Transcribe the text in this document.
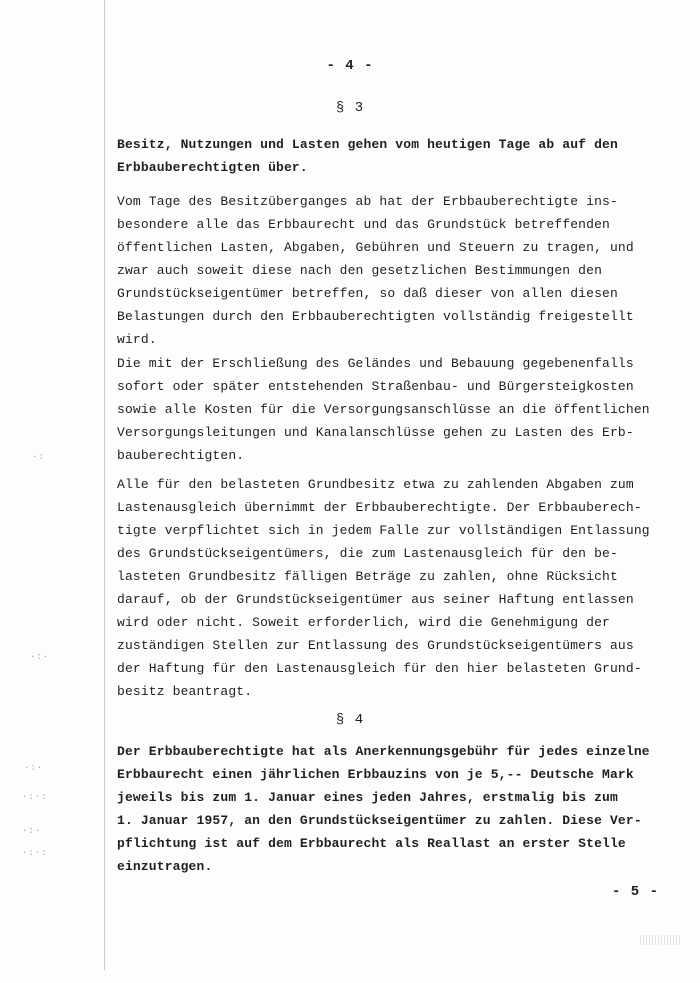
- 4 -
§ 3

Besitz, Nutzungen und Lasten gehen vom heutigen Tage ab auf den
Erbbauberechtigten über.

Vom Tage des Besitzüberganges ab hat der Erbbauberechtigte ins-
besondere alle das Erbbaurecht und das Grundstück betreffenden
öffentlichen Lasten, Abgaben, Gebühren und Steuern zu tragen, und
zwar auch soweit diese nach den gesetzlichen Bestimmungen den
Grundstückseigentümer betreffen, so daß dieser von allen diesen
Belastungen durch den Erbbauberechtigten vollständig freigestellt
wird.

Die mit der Erschließung des Geländes und Bebauung gegebenenfalls
sofort oder später entstehenden Straßenbau- und Bürgersteigkosten
sowie alle Kosten für die Versorgungsanschlüsse an die öffentlichen
Versorgungsleitungen und Kanalanschlüsse gehen zu Lasten des Erb-
bauberechtigten.

Alle für den belasteten Grundbesitz etwa zu zahlenden Abgaben zum
Lastenausgleich übernimmt der Erbbauberechtigte. Der Erbbauberech-
tigte verpflichtet sich in jedem Falle zur vollständigen Entlassung
des Grundstückseigentümers, die zum Lastenausgleich für den be-
lasteten Grundbesitz fälligen Beträge zu zahlen, ohne Rücksicht
darauf, ob der Grundstückseigentümer aus seiner Haftung entlassen
wird oder nicht. Soweit erforderlich, wird die Genehmigung der
zuständigen Stellen zur Entlassung des Grundstückseigentümers aus
der Haftung für den Lastenausgleich für den hier belasteten Grund-
besitz beantragt.

§ 4

Der Erbbauberechtigte hat als Anerkennungsgebühr für jedes einzelne
Erbbaurecht einen jährlichen Erbbauzins von je 5,-- Deutsche Mark
jeweils bis zum 1. Januar eines jeden Jahres, erstmalig bis zum
1. Januar 1957, an den Grundstückseigentümer zu zahlen. Diese Ver-
pflichtung ist auf dem Erbbaurecht als Reallast an erster Stelle
einzutragen.

- 5 -
·:
·:·
·:·
·:·:
·:·
·:·:
